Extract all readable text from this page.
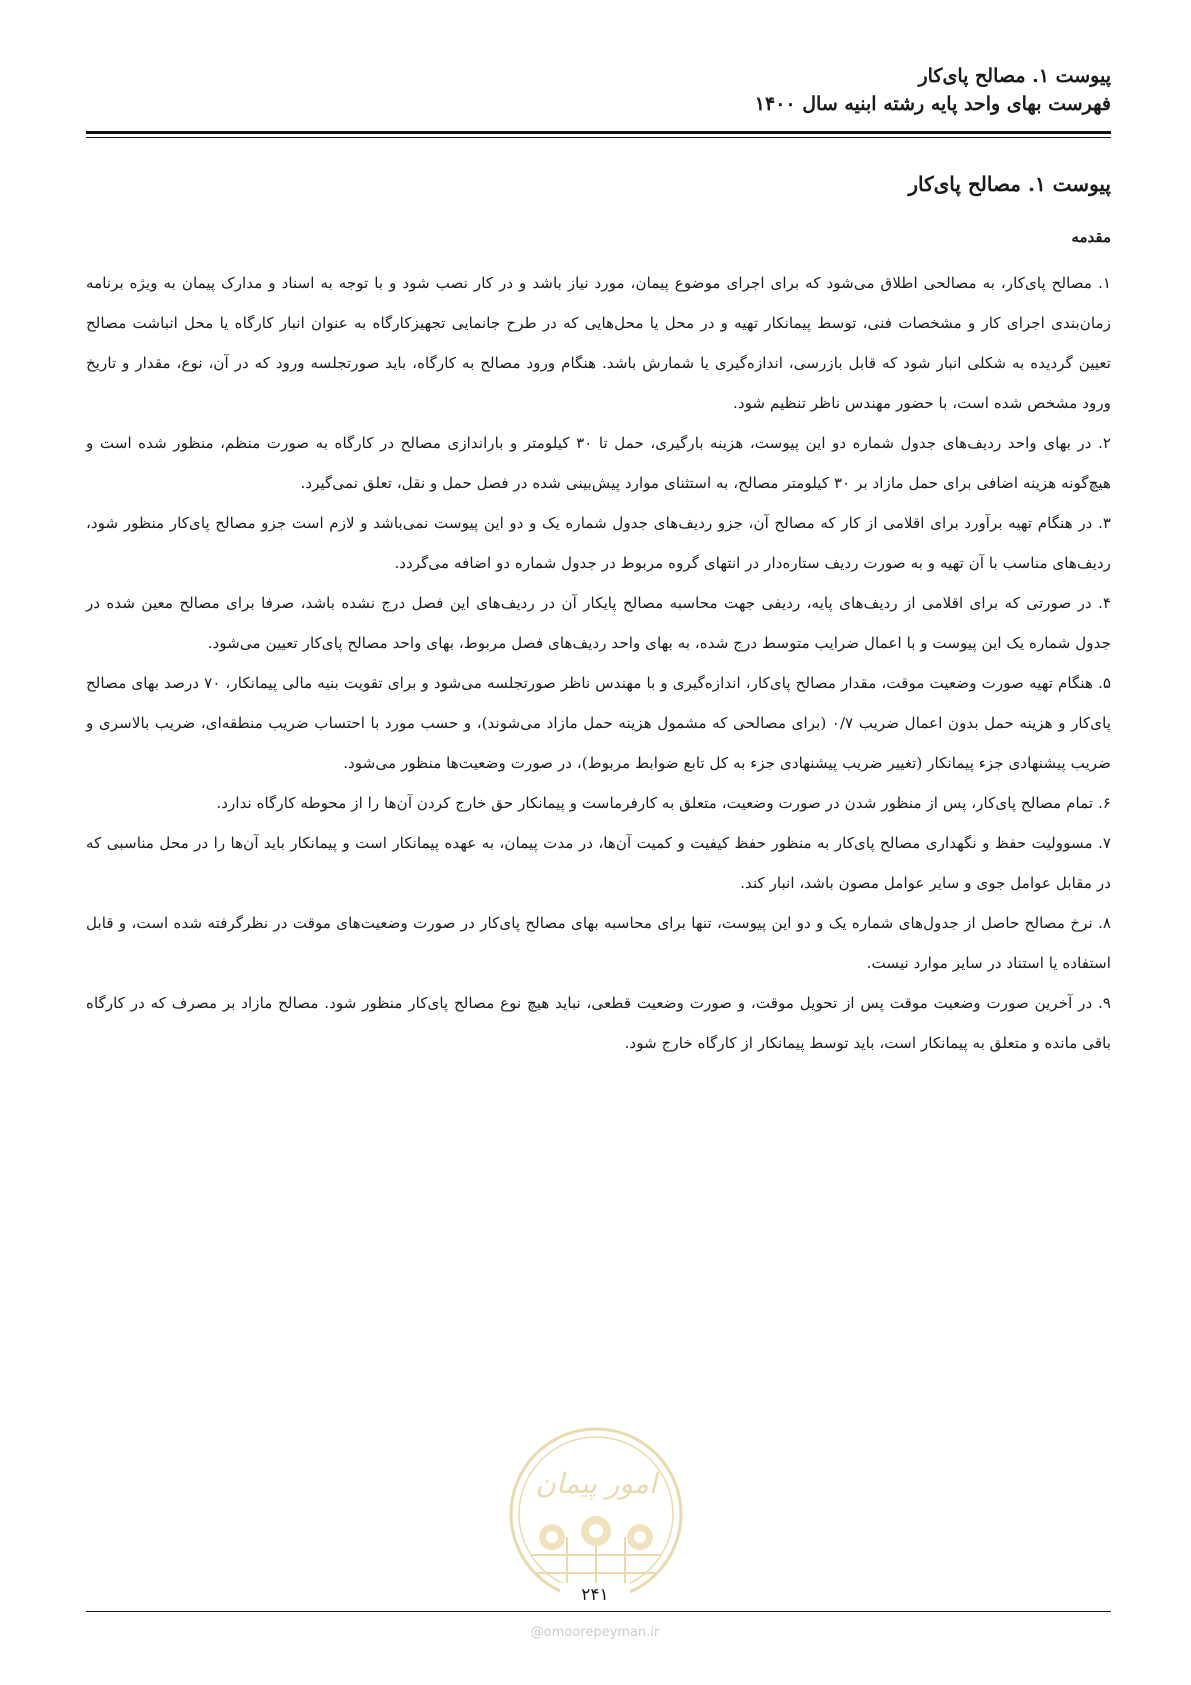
پیوست ۱. مصالح پای‌کار
فهرست بهای واحد پایه رشته ابنیه سال ۱۴۰۰
پیوست ۱. مصالح پای‌کار
مقدمه

۱. مصالح پای‌کار، به مصالحی اطلاق می‌شود که برای اجرای موضوع پیمان، مورد نیاز باشد و در کار نصب شود و با توجه به اسناد و مدارک پیمان به ویژه برنامه زمان‌بندی اجرای کار و مشخصات فنی، توسط پیمانکار تهیه و در محل یا محل‌هایی که در طرح جانمایی تجهیزکارگاه به عنوان انبار کارگاه یا محل انباشت مصالح تعیین گردیده به شکلی انبار شود که قابل بازرسی، اندازه‌گیری یا شمارش باشد. هنگام ورود مصالح به کارگاه، باید صورتجلسه ورود که در آن، نوع، مقدار و تاریخ ورود مشخص شده است، با حضور مهندس ناظر تنظیم شود.

۲. در بهای واحد ردیف‌های جدول شماره دو این پیوست، هزینه بارگیری، حمل تا ۳۰ کیلومتر و باراندازی مصالح در کارگاه به صورت منظم، منظور شده است و هیچ‌گونه هزینه اضافی برای حمل مازاد بر ۳۰ کیلومتر مصالح، به استثنای موارد پیش‌بینی شده در فصل حمل و نقل، تعلق نمی‌گیرد.

۳. در هنگام تهیه برآورد برای اقلامی از کار که مصالح آن، جزو ردیف‌های جدول شماره یک و دو این پیوست نمی‌باشد و لازم است جزو مصالح پای‌کار منظور شود، ردیف‌های مناسب با آن تهیه و به صورت ردیف ستاره‌دار در انتهای گروه مربوط در جدول شماره دو اضافه می‌گردد.

۴. در صورتی که برای اقلامی از ردیف‌های پایه، ردیفی جهت محاسبه مصالح پایکار آن در ردیف‌های این فصل درج نشده باشد، صرفا برای مصالح معین شده در جدول شماره یک این پیوست و با اعمال ضرایب متوسط درج شده، به بهای واحد ردیف‌های فصل مربوط، بهای واحد مصالح پای‌کار تعیین می‌شود.

۵. هنگام تهیه صورت وضعیت موقت، مقدار مصالح پای‌کار، اندازه‌گیری و با مهندس ناظر صورتجلسه می‌شود و برای تقویت بنیه مالی پیمانکار، ۷۰ درصد بهای مصالح پای‌کار و هزینه حمل بدون اعمال ضریب ۰/۷ (برای مصالحی که مشمول هزینه حمل مازاد می‌شوند)، و حسب مورد با احتساب ضریب منطقه‌ای، ضریب بالاسری و ضریب پیشنهادی جزء پیمانکار (تغییر ضریب پیشنهادی جزء به کل تابع ضوابط مربوط)، در صورت وضعیت‌ها منظور می‌شود.

۶. تمام مصالح پای‌کار، پس از منظور شدن در صورت وضعیت، متعلق به کارفرماست و پیمانکار حق خارج کردن آن‌ها را از محوطه کارگاه ندارد.

۷. مسوولیت حفظ و نگهداری مصالح پای‌کار به منظور حفظ کیفیت و کمیت آن‌ها، در مدت پیمان، به عهده پیمانکار است و پیمانکار باید آن‌ها را در محل مناسبی که در مقابل عوامل جوی و سایر عوامل مصون باشد، انبار کند.

۸. نرخ مصالح حاصل از جدول‌های شماره یک و دو این پیوست، تنها برای محاسبه بهای مصالح پای‌کار در صورت وضعیت‌های موقت در نظرگرفته شده است، و قابل استفاده یا استناد در سایر موارد نیست.

۹. در آخرین صورت وضعیت موقت پس از تحویل موقت، و صورت وضعیت قطعی، نباید هیچ نوع مصالح پای‌کار منظور شود. مصالح مازاد بر مصرف که در کارگاه باقی مانده و متعلق به پیمانکار است، باید توسط پیمانکار از کارگاه خارج شود.

امور پیمان
۲۴۱
@omoorepeyman.ir
